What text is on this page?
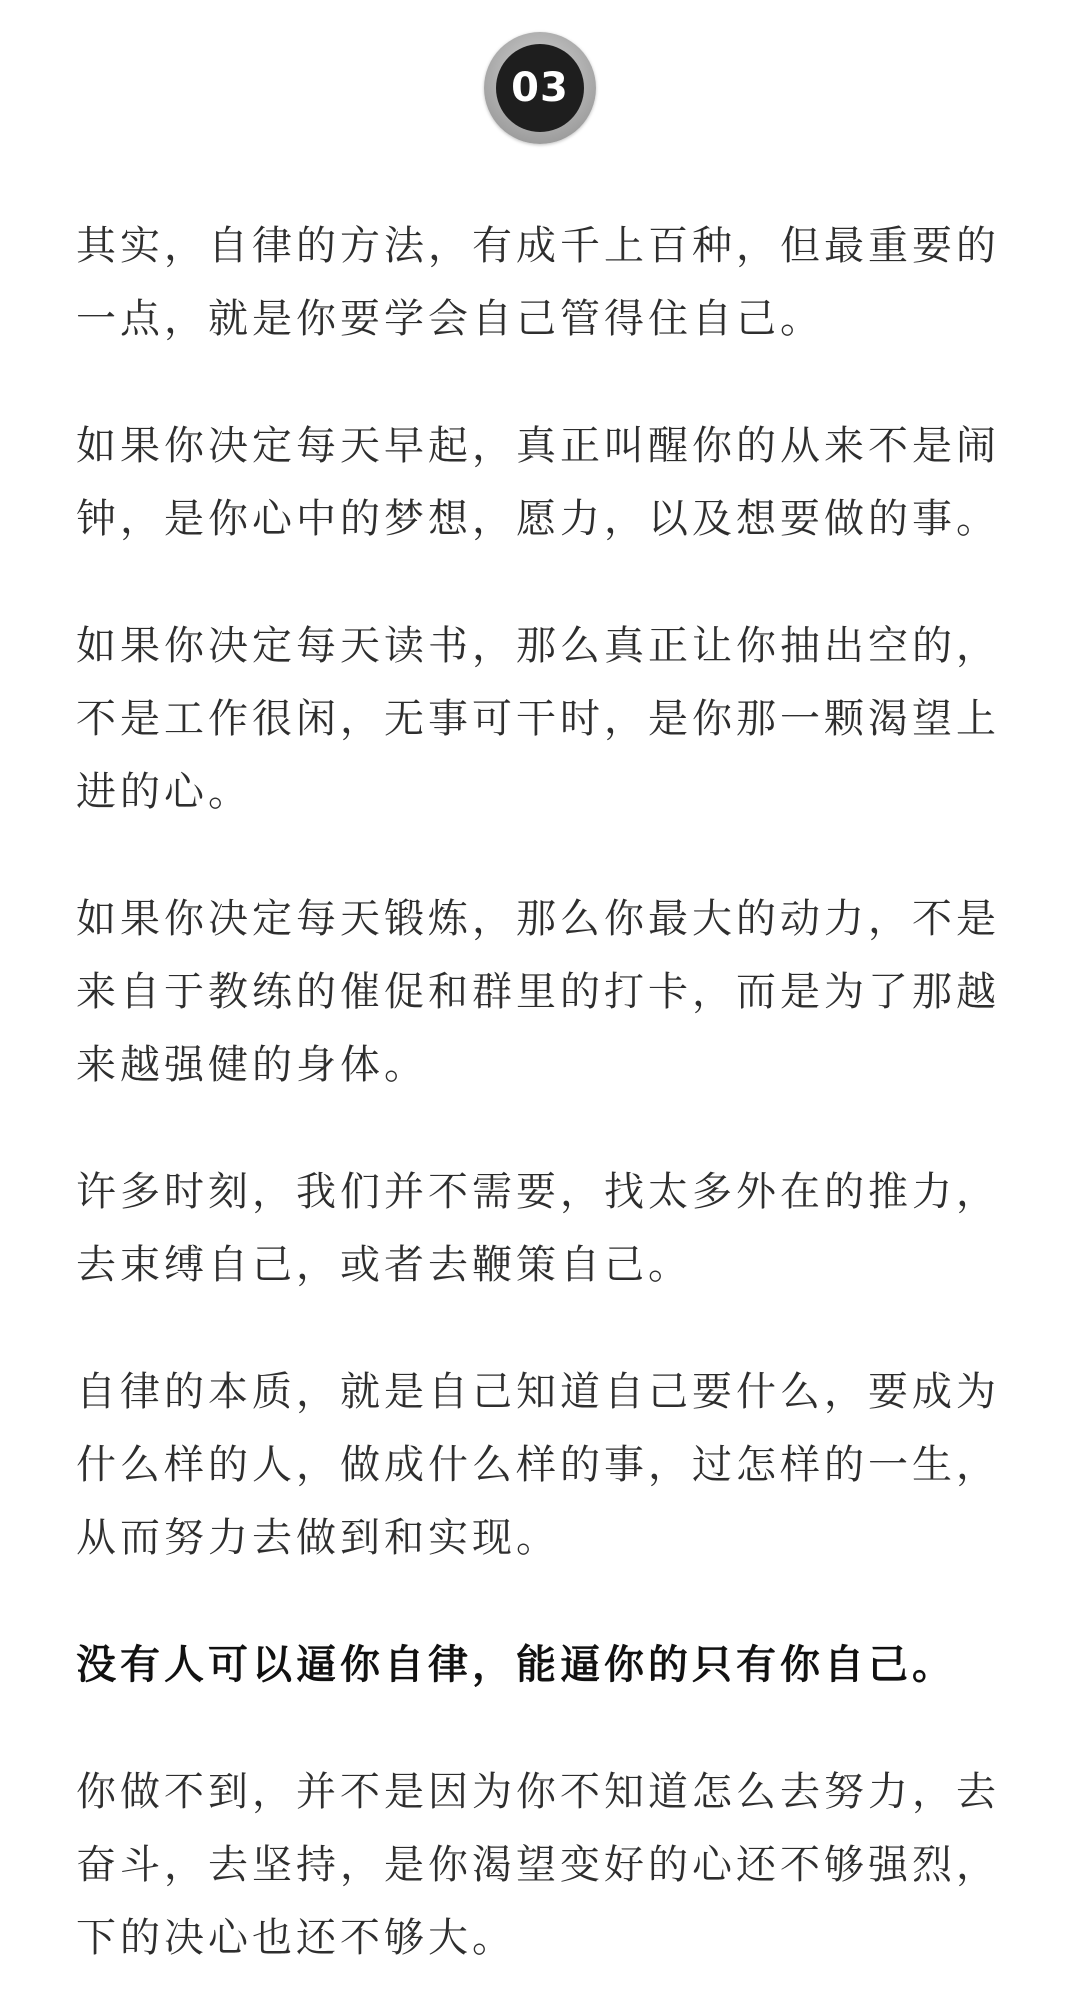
03

其实，自律的方法，有成千上百种，但最重要的一点，就是你要学会自己管得住自己。

如果你决定每天早起，真正叫醒你的从来不是闹钟，是你心中的梦想，愿力，以及想要做的事。

如果你决定每天读书，那么真正让你抽出空的，不是工作很闲，无事可干时，是你那一颗渴望上进的心。

如果你决定每天锻炼，那么你最大的动力，不是来自于教练的催促和群里的打卡，而是为了那越来越强健的身体。

许多时刻，我们并不需要，找太多外在的推力，去束缚自己，或者去鞭策自己。

自律的本质，就是自己知道自己要什么，要成为什么样的人，做成什么样的事，过怎样的一生，从而努力去做到和实现。

没有人可以逼你自律，能逼你的只有你自己。

你做不到，并不是因为你不知道怎么去努力，去奋斗，去坚持，是你渴望变好的心还不够强烈，下的决心也还不够大。
